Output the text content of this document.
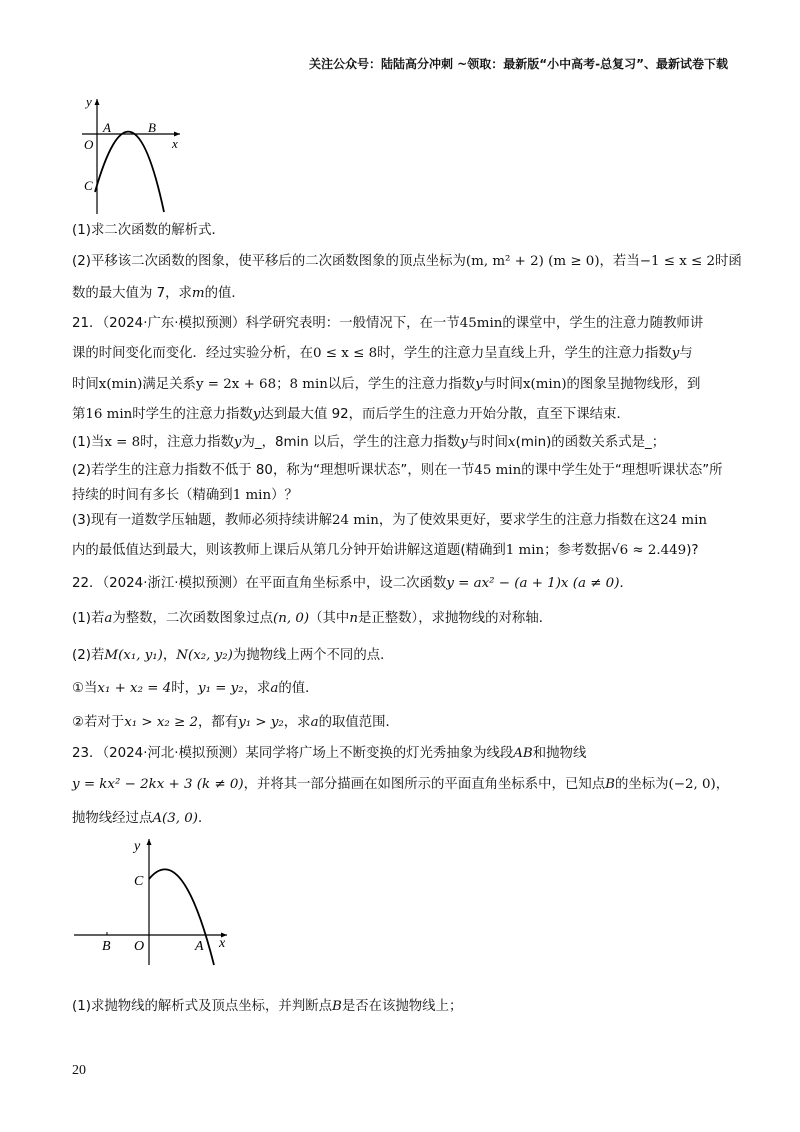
关注公众号：陆陆高分冲刺 ~领取：最新版“小中高考-总复习”、最新试卷下载
y
x
O
A	B
C
(1)求二次函数的解析式．
(2)平移该二次函数的图象，使平移后的二次函数图象的顶点坐标为(m, m² + 2) (m ≥ 0)，若当−1 ≤ x ≤ 2时函
数的最大值为 7，求m的值．
21．（2024·广东·模拟预测）科学研究表明：一般情况下，在一节45min的课堂中，学生的注意力随教师讲
课的时间变化而变化．经过实验分析，在0 ≤ x ≤ 8时，学生的注意力呈直线上升，学生的注意力指数y与
时间x(min)满足关系y = 2x + 68；8 min以后，学生的注意力指数y与时间x(min)的图象呈抛物线形，到
第16 min时学生的注意力指数y达到最大值 92，而后学生的注意力开始分散，直至下课结束．
(1)当x = 8时，注意力指数y为_，8min 以后，学生的注意力指数y与时间x(min)的函数关系式是_；
(2)若学生的注意力指数不低于 80，称为“理想听课状态”，则在一节45 min的课中学生处于“理想听课状态”所
持续的时间有多长（精确到1 min）？
(3)现有一道数学压轴题，教师必须持续讲解24 min，为了使效果更好，要求学生的注意力指数在这24 min
内的最低值达到最大，则该教师上课后从第几分钟开始讲解这道题(精确到1 min；参考数据√6 ≈ 2.449)?
22．（2024·浙江·模拟预测）在平面直角坐标系中，设二次函数y = ax² − (a + 1)x (a ≠ 0)．
(1)若a为整数，二次函数图象过点(n, 0)（其中n是正整数），求抛物线的对称轴．
(2)若M(x₁, y₁)，N(x₂, y₂)为抛物线上两个不同的点．
①当x₁ + x₂ = 4时，y₁ = y₂，求a的值．
②若对于x₁ > x₂ ≥ 2，都有y₁ > y₂，求a的取值范围．
23．（2024·河北·模拟预测）某同学将广场上不断变换的灯光秀抽象为线段AB和抛物线
y = kx² − 2kx + 3 (k ≠ 0)，并将其一部分描画在如图所示的平面直角坐标系中，已知点B的坐标为(−2, 0)，
抛物线经过点A(3, 0)．
y
x
O	A
B
C
(1)求抛物线的解析式及顶点坐标，并判断点B是否在该抛物线上；
20
